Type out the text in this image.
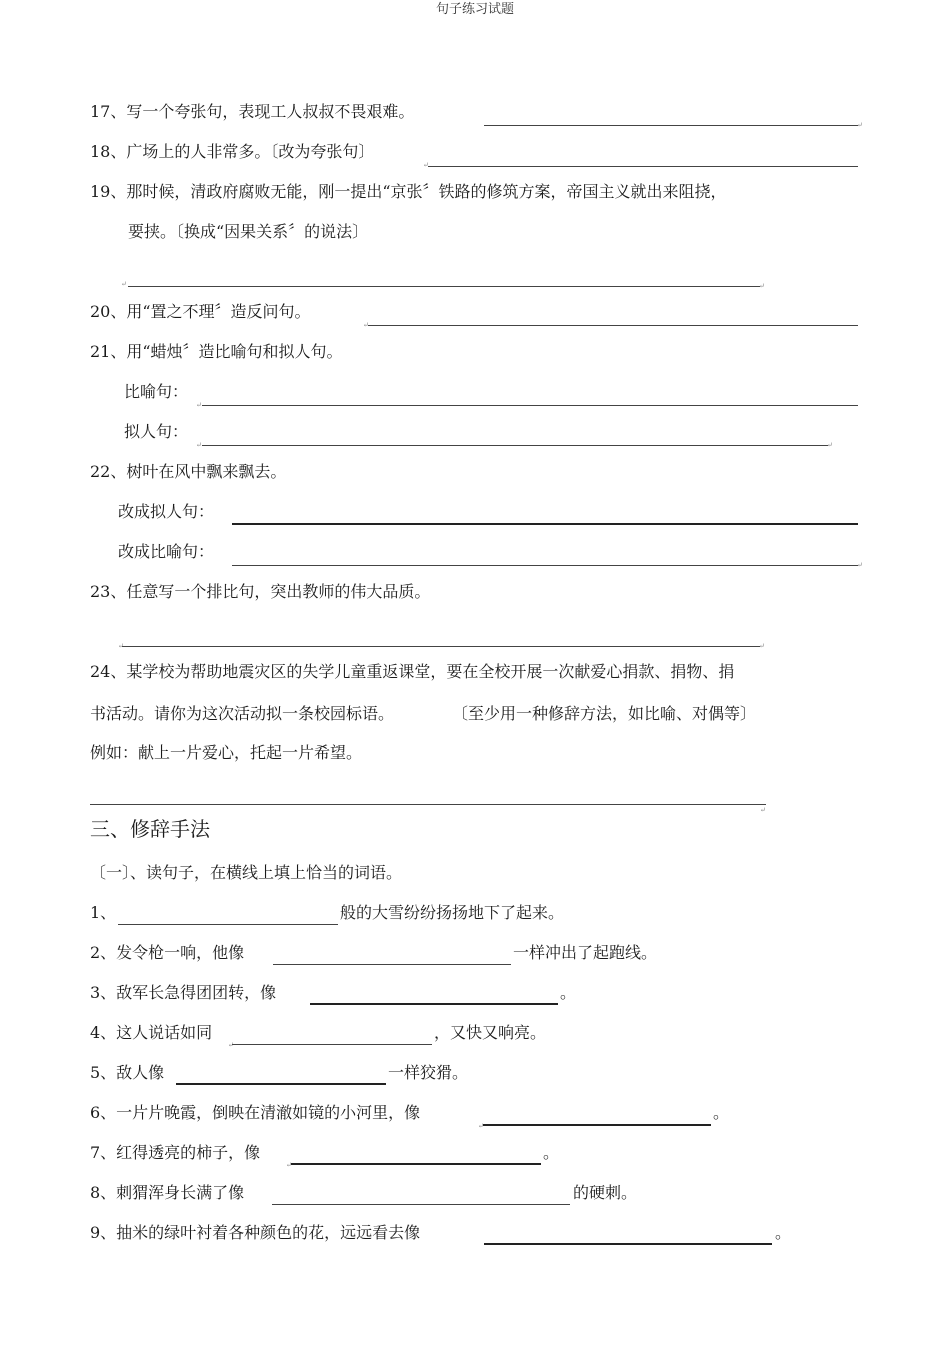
句子练习试题
17、写一个夸张句，表现工人叔叔不畏艰难。
↵
18、广场上的人非常多。〔改为夸张句〕
↵
19、那时候，清政府腐败无能，刚一提出“京张〞铁路的修筑方案，帝国主义就出来阻挠，
要挟。〔换成“因果关系〞的说法〕
↵	↵
20、用“置之不理〞造反问句。
↵
21、用“蜡烛〞造比喻句和拟人句。
比喻句：
↵
拟人句：
↵	↵
22、树叶在风中飘来飘去。
改成拟人句：
改成比喻句：
↵
23、任意写一个排比句，突出教师的伟大品质。
↵	↵
24、某学校为帮助地震灾区的失学儿童重返课堂，要在全校开展一次献爱心捐款、捐物、捐
书活动。请你为这次活动拟一条校园标语。	〔至少用一种修辞方法，如比喻、对偶等〕
例如：献上一片爱心，托起一片希望。
↵
三、修辞手法
〔一〕、读句子，在横线上填上恰当的词语。
1、	般的大雪纷纷扬扬地下了起来。
2、发令枪一响，他像	一样冲出了起跑线。
3、敌军长急得团团转，像	。
4、这人说话如同
↵
，又快又响亮。
5、敌人像	一样狡猾。
6、一片片晚霞，倒映在清澈如镜的小河里，像
↵
。
7、红得透亮的柿子，像
↵
。
8、刺猬浑身长满了像	的硬刺。
9、抽米的绿叶衬着各种颜色的花，远远看去像	。
